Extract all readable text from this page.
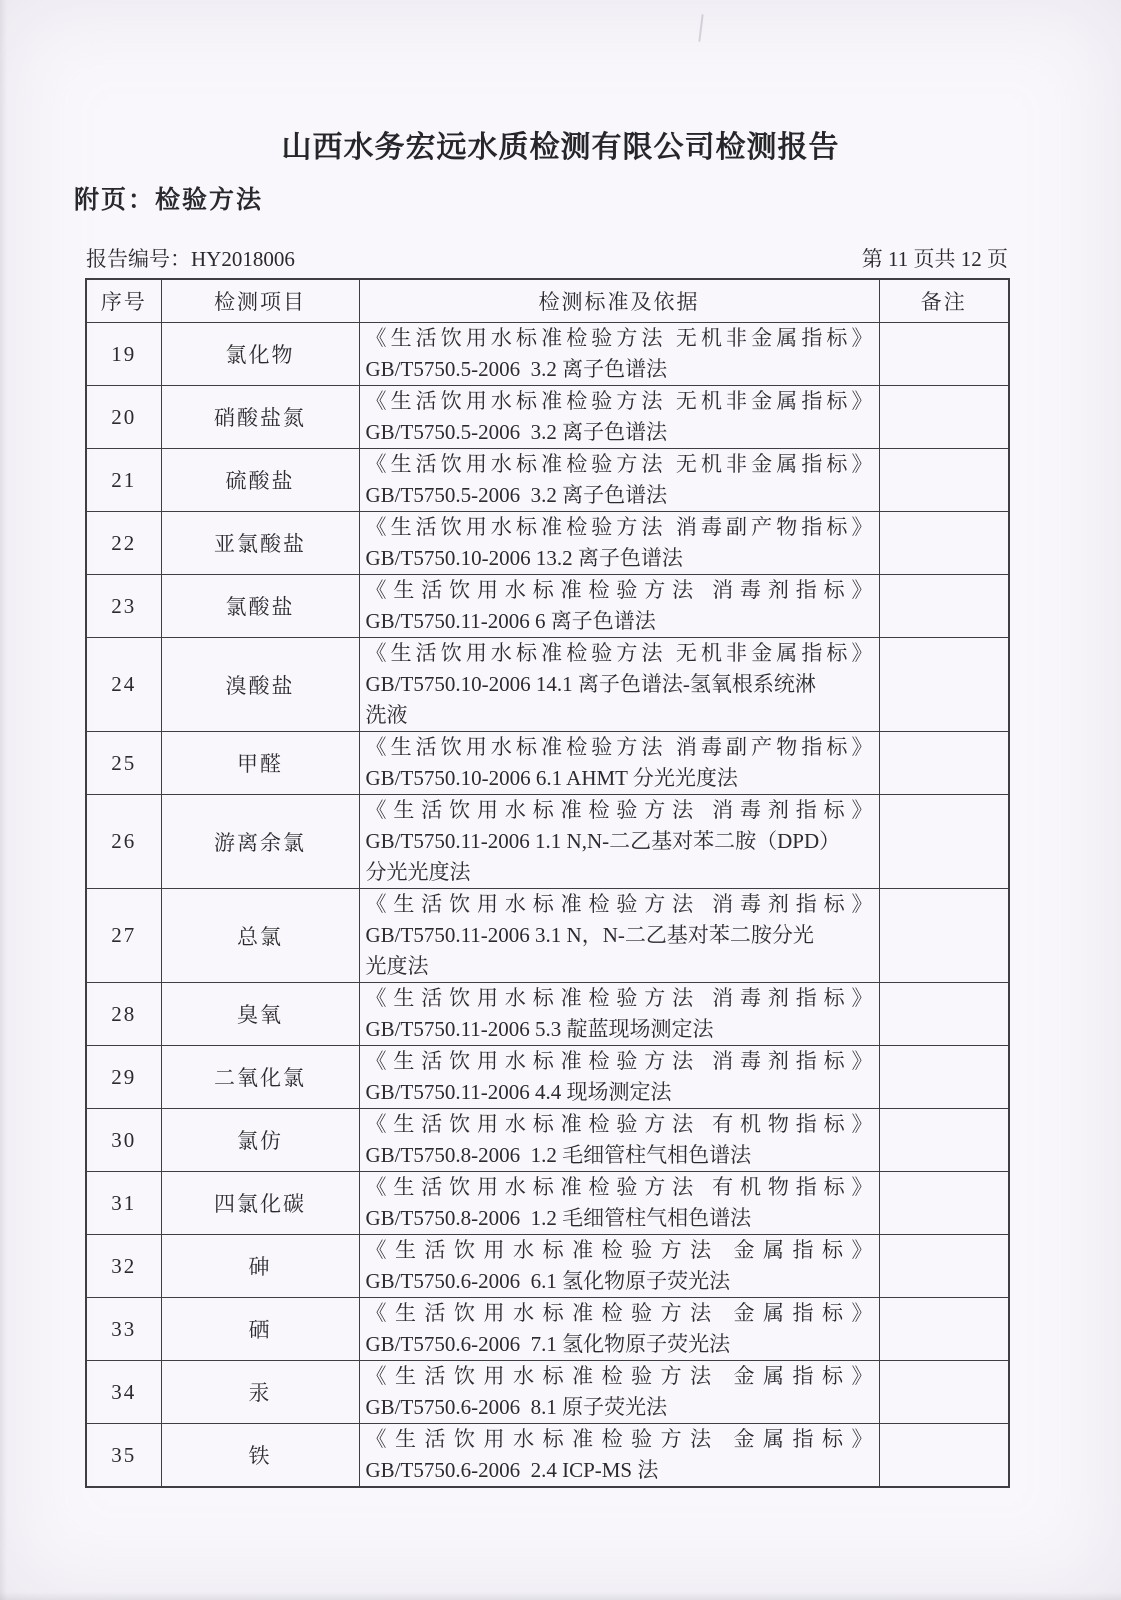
山西水务宏远水质检测有限公司检测报告
附页：检验方法
报告编号：HY2018006	第 11 页共 12 页
序号	检测项目	检测标准及依据	备注
19	氯化物	《生活饮用水标准检验方法 无机非金属指标》
GB/T5750.5-2006  3.2 离子色谱法	

20	硝酸盐氮	《生活饮用水标准检验方法 无机非金属指标》
GB/T5750.5-2006  3.2 离子色谱法	

21	硫酸盐	《生活饮用水标准检验方法 无机非金属指标》
GB/T5750.5-2006  3.2 离子色谱法	

22	亚氯酸盐	《生活饮用水标准检验方法 消毒副产物指标》
GB/T5750.10-2006 13.2 离子色谱法	

23	氯酸盐	《生活饮用水标准检验方法 消毒剂指标》
GB/T5750.11-2006 6 离子色谱法	

24	溴酸盐	《生活饮用水标准检验方法 无机非金属指标》
GB/T5750.10-2006 14.1 离子色谱法-氢氧根系统淋
洗液	

25	甲醛	《生活饮用水标准检验方法 消毒副产物指标》
GB/T5750.10-2006 6.1 AHMT 分光光度法	

26	游离余氯	《生活饮用水标准检验方法 消毒剂指标》
GB/T5750.11-2006 1.1 N,N-二乙基对苯二胺（DPD）
分光光度法	

27	总氯	《生活饮用水标准检验方法 消毒剂指标》
GB/T5750.11-2006 3.1 N，N-二乙基对苯二胺分光
光度法	

28	臭氧	《生活饮用水标准检验方法 消毒剂指标》
GB/T5750.11-2006 5.3 靛蓝现场测定法	

29	二氧化氯	《生活饮用水标准检验方法 消毒剂指标》
GB/T5750.11-2006 4.4 现场测定法	

30	氯仿	《生活饮用水标准检验方法 有机物指标》
GB/T5750.8-2006  1.2 毛细管柱气相色谱法	

31	四氯化碳	《生活饮用水标准检验方法 有机物指标》
GB/T5750.8-2006  1.2 毛细管柱气相色谱法	

32	砷	《生活饮用水标准检验方法 金属指标》
GB/T5750.6-2006  6.1 氢化物原子荧光法	

33	硒	《生活饮用水标准检验方法 金属指标》
GB/T5750.6-2006  7.1 氢化物原子荧光法	

34	汞	《生活饮用水标准检验方法 金属指标》
GB/T5750.6-2006  8.1 原子荧光法	

35	铁	《生活饮用水标准检验方法 金属指标》
GB/T5750.6-2006  2.4 ICP-MS 法	
